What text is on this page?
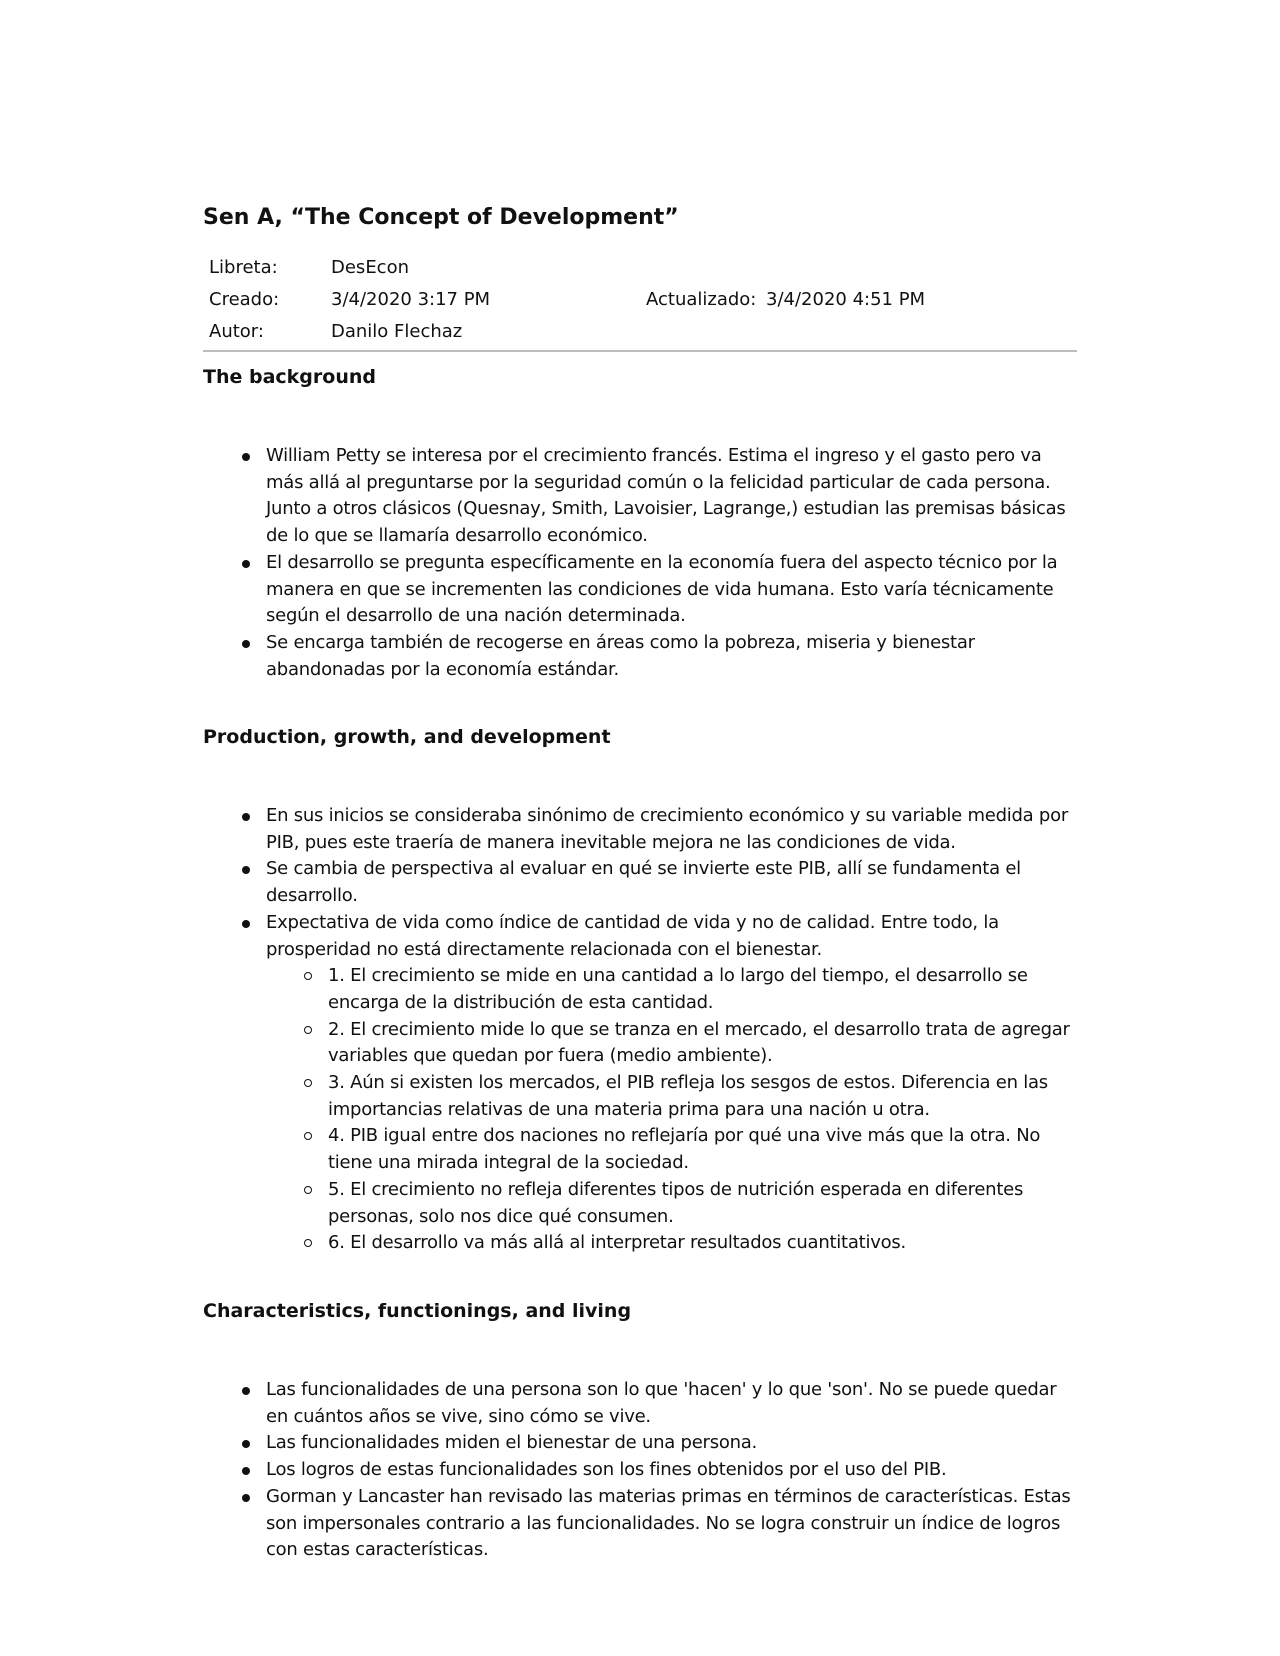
Sen A, “The Concept of Development”
Libreta:	DesEcon
Creado:	3/4/2020 3:17 PM	Actualizado: 3/4/2020 4:51 PM
Autor:	Danilo Flechaz
The background
William Petty se interesa por el crecimiento francés. Estima el ingreso y el gasto pero va más allá al preguntarse por la seguridad común o la felicidad particular de cada persona. Junto a otros clásicos (Quesnay, Smith, Lavoisier, Lagrange,) estudian las premisas básicas de lo que se llamaría desarrollo económico.
El desarrollo se pregunta específicamente en la economía fuera del aspecto técnico por la manera en que se incrementen las condiciones de vida humana. Esto varía técnicamente según el desarrollo de una nación determinada.
Se encarga también de recogerse en áreas como la pobreza, miseria y bienestar abandonadas por la economía estándar.
Production, growth, and development
En sus inicios se consideraba sinónimo de crecimiento económico y su variable medida por PIB, pues este traería de manera inevitable mejora ne las condiciones de vida.
Se cambia de perspectiva al evaluar en qué se invierte este PIB, allí se fundamenta el desarrollo.
Expectativa de vida como índice de cantidad de vida y no de calidad. Entre todo, la prosperidad no está directamente relacionada con el bienestar.
1. El crecimiento se mide en una cantidad a lo largo del tiempo, el desarrollo se encarga de la distribución de esta cantidad.
2. El crecimiento mide lo que se tranza en el mercado, el desarrollo trata de agregar variables que quedan por fuera (medio ambiente).
3. Aún si existen los mercados, el PIB refleja los sesgos de estos. Diferencia en las importancias relativas de una materia prima para una nación u otra.
4. PIB igual entre dos naciones no reflejaría por qué una vive más que la otra. No tiene una mirada integral de la sociedad.
5. El crecimiento no refleja diferentes tipos de nutrición esperada en diferentes personas, solo nos dice qué consumen.
6. El desarrollo va más allá al interpretar resultados cuantitativos.
Characteristics, functionings, and living
Las funcionalidades de una persona son lo que 'hacen' y lo que 'son'. No se puede quedar en cuántos años se vive, sino cómo se vive.
Las funcionalidades miden el bienestar de una persona.
Los logros de estas funcionalidades son los fines obtenidos por el uso del PIB.
Gorman y Lancaster han revisado las materias primas en términos de características. Estas son impersonales contrario a las funcionalidades. No se logra construir un índice de logros con estas características.
